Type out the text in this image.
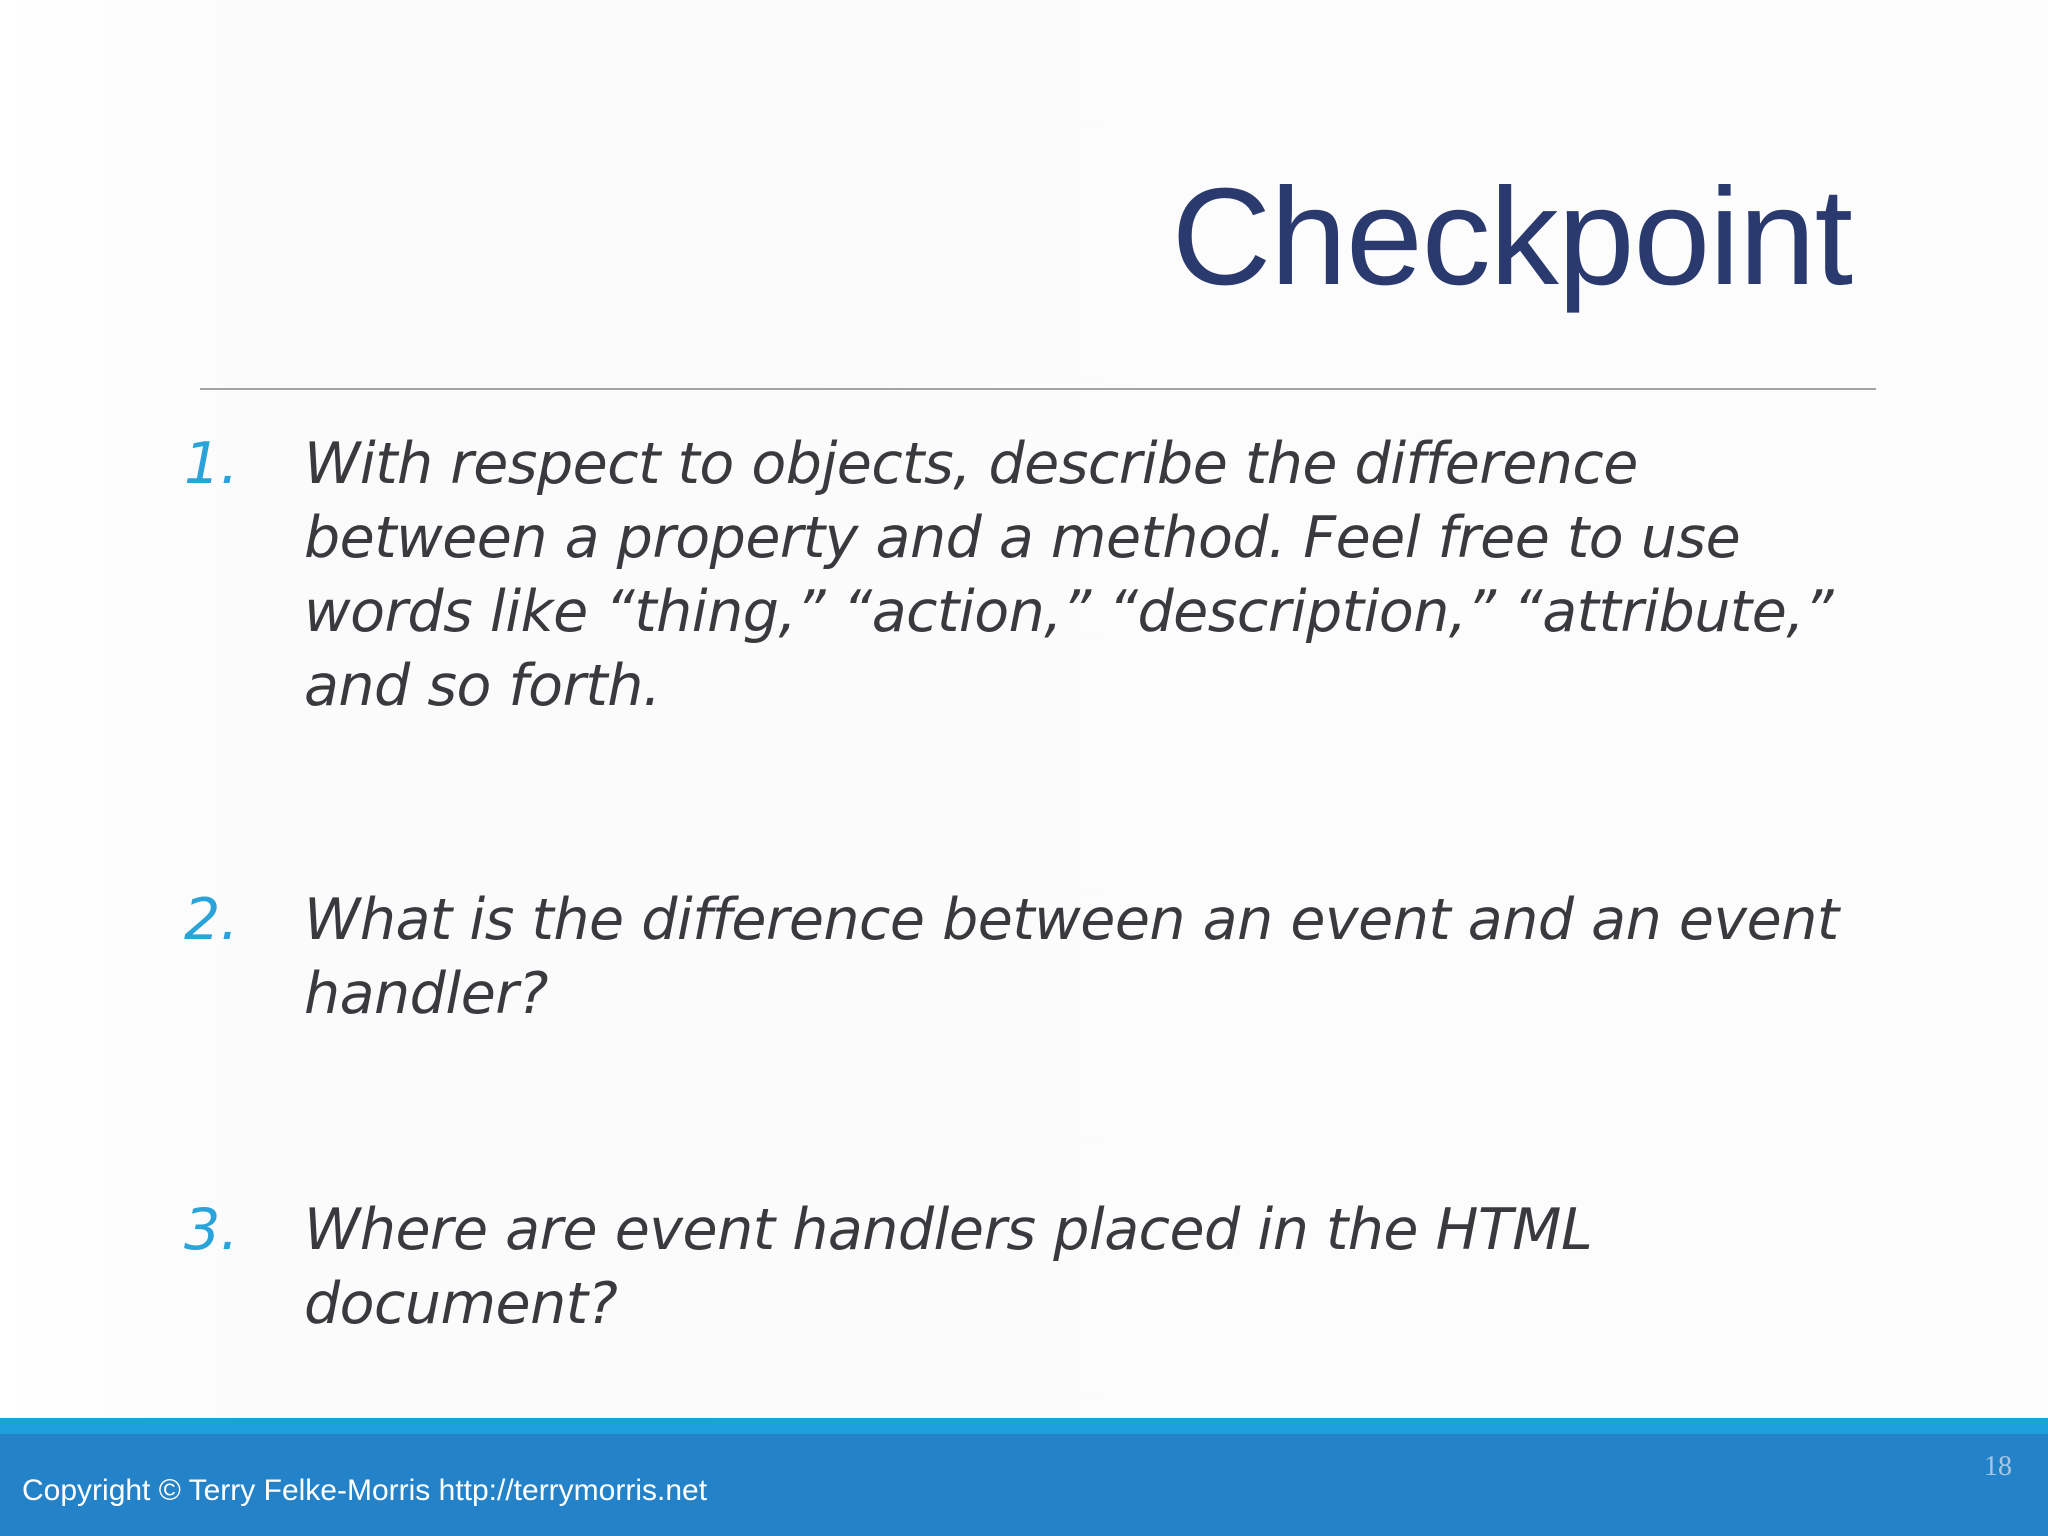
Checkpoint
1. With respect to objects, describe the difference between a property and a method. Feel free to use words like “thing,” “action,” “description,” “attribute,” and so forth.
2. What is the difference between an event and an event handler?
3. Where are event handlers placed in the HTML document?
Copyright © Terry Felke-Morris http://terrymorris.net
18
